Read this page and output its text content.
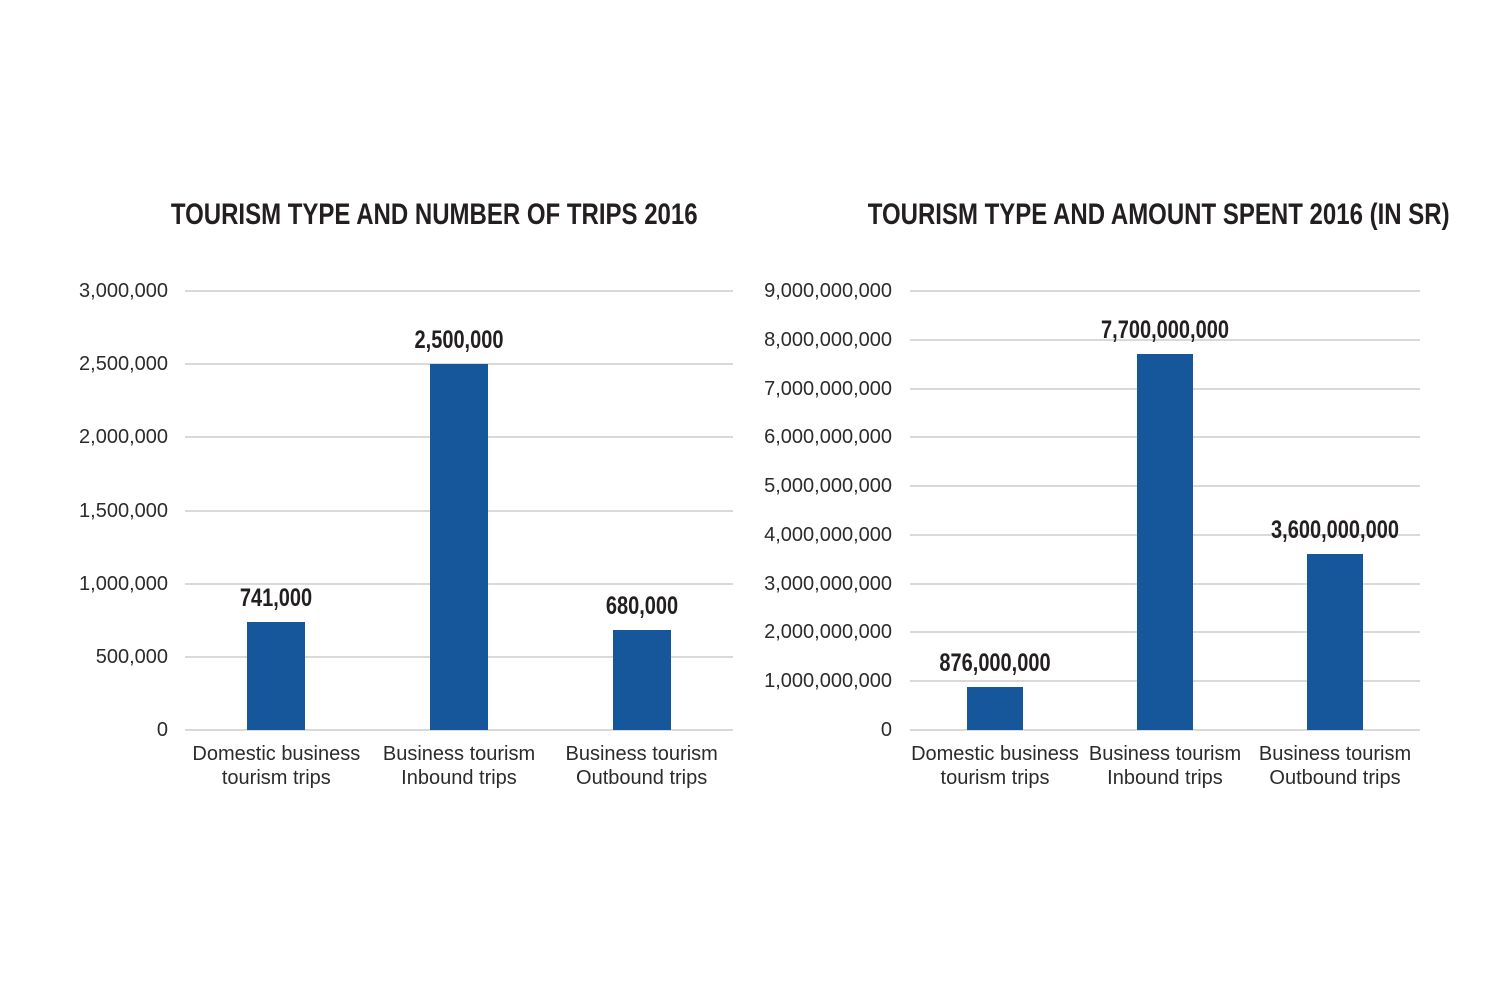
TOURISM TYPE AND NUMBER OF TRIPS 2016
0
500,000
1,000,000
1,500,000
2,000,000
2,500,000
3,000,000
741,000
Domestic business
tourism trips
2,500,000
Business tourism
Inbound trips
680,000
Business tourism
Outbound trips
TOURISM TYPE AND AMOUNT SPENT 2016 (IN SR)
0
1,000,000,000
2,000,000,000
3,000,000,000
4,000,000,000
5,000,000,000
6,000,000,000
7,000,000,000
8,000,000,000
9,000,000,000
876,000,000
Domestic business
tourism trips
7,700,000,000
Business tourism
Inbound trips
3,600,000,000
Business tourism
Outbound trips
